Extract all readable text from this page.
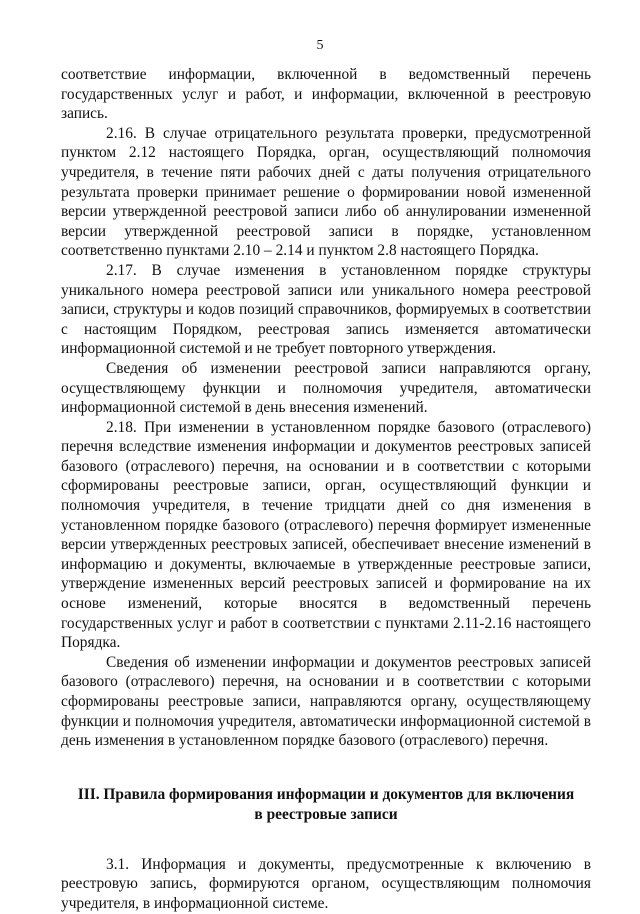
5

соответствие информации, включенной в ведомственный перечень государственных услуг и работ, и информации, включенной в реестровую запись.

2.16. В случае отрицательного результата проверки, предусмотренной пунктом 2.12 настоящего Порядка, орган, осуществляющий полномочия учредителя, в течение пяти рабочих дней с даты получения отрицательного результата проверки принимает решение о формировании новой измененной версии утвержденной реестровой записи либо об аннулировании измененной версии утвержденной реестровой записи в порядке, установленном соответственно пунктами 2.10 – 2.14 и пунктом 2.8 настоящего Порядка.

2.17. В случае изменения в установленном порядке структуры уникального номера реестровой записи или уникального номера реестровой записи, структуры и кодов позиций справочников, формируемых в соответствии с настоящим Порядком, реестровая запись изменяется автоматически информационной системой и не требует повторного утверждения.

Сведения об изменении реестровой записи направляются органу, осуществляющему функции и полномочия учредителя, автоматически информационной системой в день внесения изменений.

2.18. При изменении в установленном порядке базового (отраслевого) перечня вследствие изменения информации и документов реестровых записей базового (отраслевого) перечня, на основании и в соответствии с которыми сформированы реестровые записи, орган, осуществляющий функции и полномочия учредителя, в течение тридцати дней со дня изменения в установленном порядке базового (отраслевого) перечня формирует измененные версии утвержденных реестровых записей, обеспечивает внесение изменений в информацию и документы, включаемые в утвержденные реестровые записи, утверждение измененных версий реестровых записей и формирование на их основе изменений, которые вносятся в ведомственный перечень государственных услуг и работ в соответствии с пунктами 2.11-2.16 настоящего Порядка.

Сведения об изменении информации и документов реестровых записей базового (отраслевого) перечня, на основании и в соответствии с которыми сформированы реестровые записи, направляются органу, осуществляющему функции и полномочия учредителя, автоматически информационной системой в день изменения в установленном порядке базового (отраслевого) перечня.

III. Правила формирования информации и документов для включения
в реестровые записи

3.1. Информация и документы, предусмотренные к включению в реестровую запись, формируются органом, осуществляющим полномочия учредителя, в информационной системе.
